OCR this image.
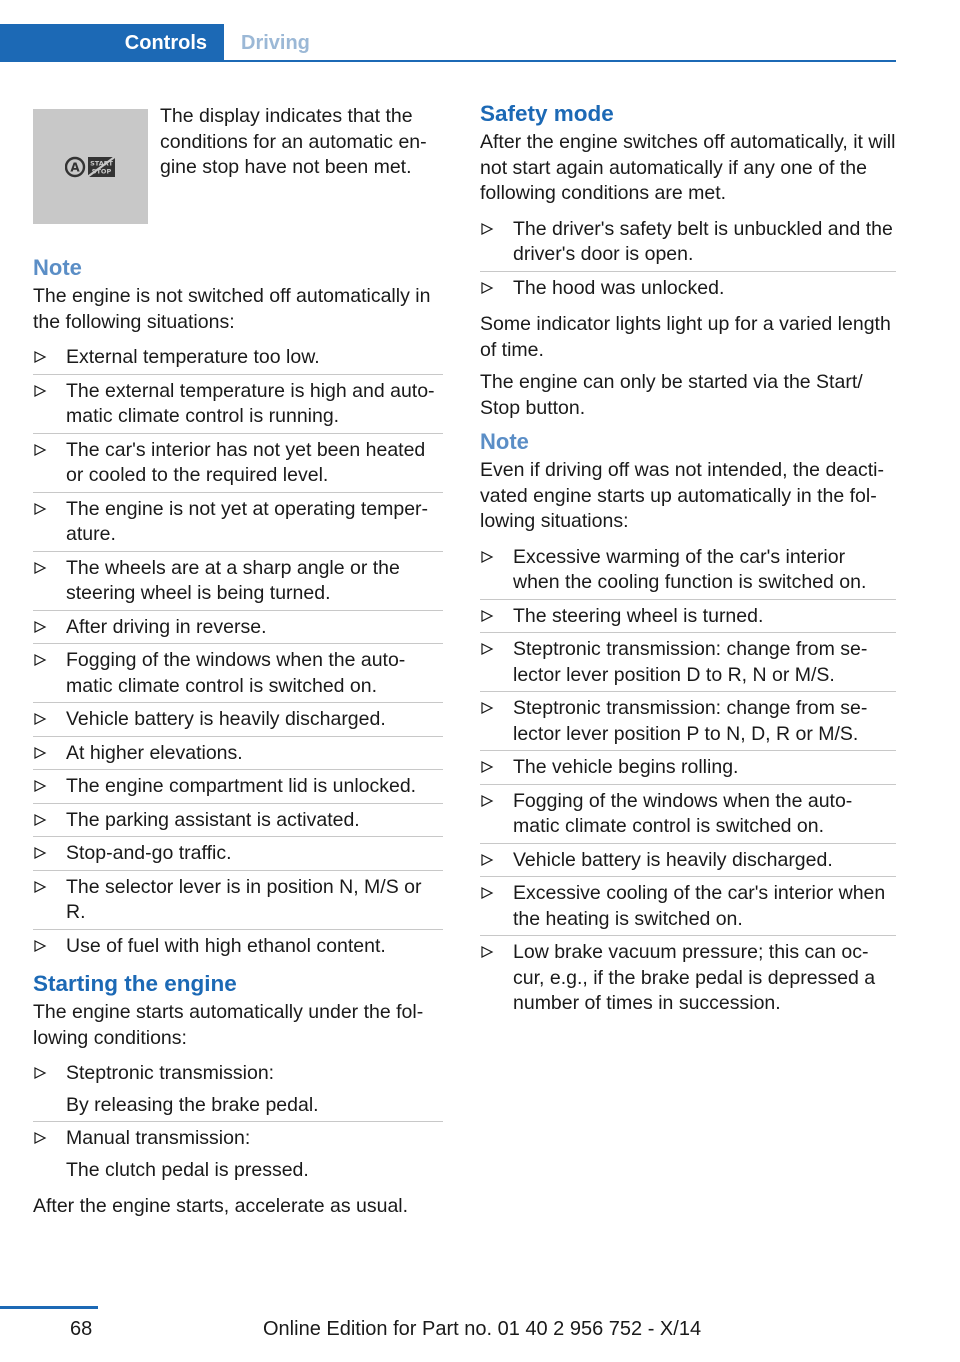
Controls Driving
A START
STOP
The display indicates that the conditions for an automatic en‐gine stop have not been met.
Note

The engine is not switched off automatically in the following situations:

External temperature too low.
The external temperature is high and auto‐matic climate control is running.
The car's interior has not yet been heated or cooled to the required level.
The engine is not yet at operating temper‐ature.
The wheels are at a sharp angle or the steering wheel is being turned.
After driving in reverse.
Fogging of the windows when the auto‐matic climate control is switched on.
Vehicle battery is heavily discharged.
At higher elevations.
The engine compartment lid is unlocked.
The parking assistant is activated.
Stop-and-go traffic.
The selector lever is in position N, M/S or R.
Use of fuel with high ethanol content.
Starting the engine

The engine starts automatically under the fol‐lowing conditions:

Steptronic transmission:
By releasing the brake pedal.
Manual transmission:
The clutch pedal is pressed.

After the engine starts, accelerate as usual.

Safety mode

After the engine switches off automatically, it will not start again automatically if any one of the following conditions are met.

The driver's safety belt is unbuckled and the driver's door is open.
The hood was unlocked.

Some indicator lights light up for a varied length of time.

The engine can only be started via the Start/ Stop button.

Note

Even if driving off was not intended, the deacti‐vated engine starts up automatically in the fol‐lowing situations:

Excessive warming of the car's interior when the cooling function is switched on.
The steering wheel is turned.
Steptronic transmission: change from se‐lector lever position D to R, N or M/S.
Steptronic transmission: change from se‐lector lever position P to N, D, R or M/S.
The vehicle begins rolling.
Fogging of the windows when the auto‐matic climate control is switched on.
Vehicle battery is heavily discharged.
Excessive cooling of the car's interior when the heating is switched on.
Low brake vacuum pressure; this can oc‐cur, e.g., if the brake pedal is depressed a number of times in succession.
68	Online Edition for Part no. 01 40 2 956 752 - X/14
